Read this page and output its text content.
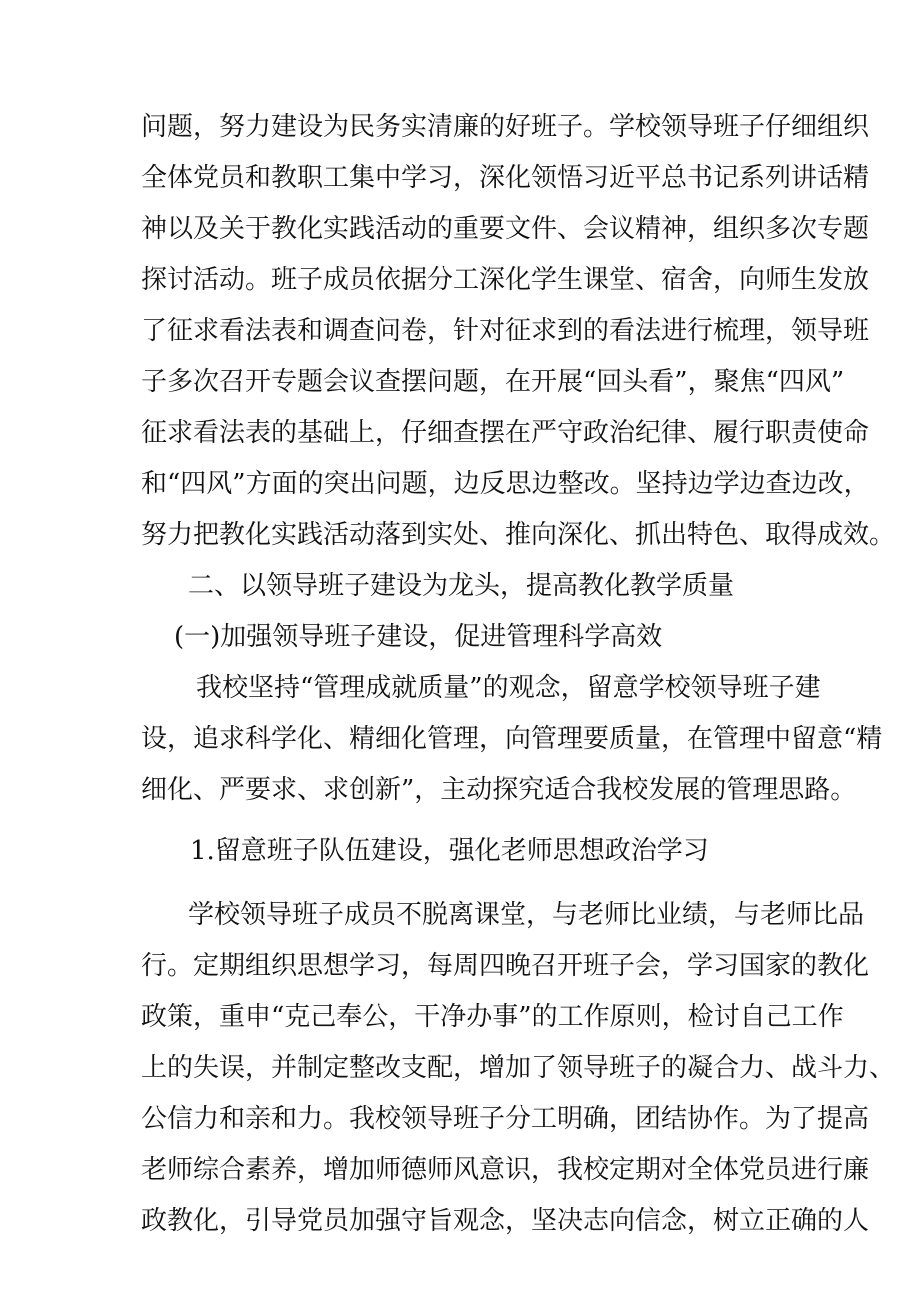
问题，努力建设为民务实清廉的好班子。学校领导班子仔细组织
全体党员和教职工集中学习，深化领悟习近平总书记系列讲话精
神以及关于教化实践活动的重要文件、会议精神，组织多次专题
探讨活动。班子成员依据分工深化学生课堂、宿舍，向师生发放
了征求看法表和调查问卷，针对征求到的看法进行梳理，领导班
子多次召开专题会议查摆问题，在开展“回头看”，聚焦“四风”
征求看法表的基础上，仔细查摆在严守政治纪律、履行职责使命
和“四风”方面的突出问题，边反思边整改。坚持边学边查边改，
努力把教化实践活动落到实处、推向深化、抓出特色、取得成效。
二、以领导班子建设为龙头，提高教化教学质量
(一)加强领导班子建设，促进管理科学高效
我校坚持“管理成就质量”的观念，留意学校领导班子建
设，追求科学化、精细化管理，向管理要质量，在管理中留意“精
细化、严要求、求创新”，主动探究适合我校发展的管理思路。
1.留意班子队伍建设，强化老师思想政治学习
学校领导班子成员不脱离课堂，与老师比业绩，与老师比品
行。定期组织思想学习，每周四晚召开班子会，学习国家的教化
政策，重申“克己奉公，干净办事”的工作原则，检讨自己工作
上的失误，并制定整改支配，增加了领导班子的凝合力、战斗力、
公信力和亲和力。我校领导班子分工明确，团结协作。为了提高
老师综合素养，增加师德师风意识，我校定期对全体党员进行廉
政教化，引导党员加强守旨观念，坚决志向信念，树立正确的人
